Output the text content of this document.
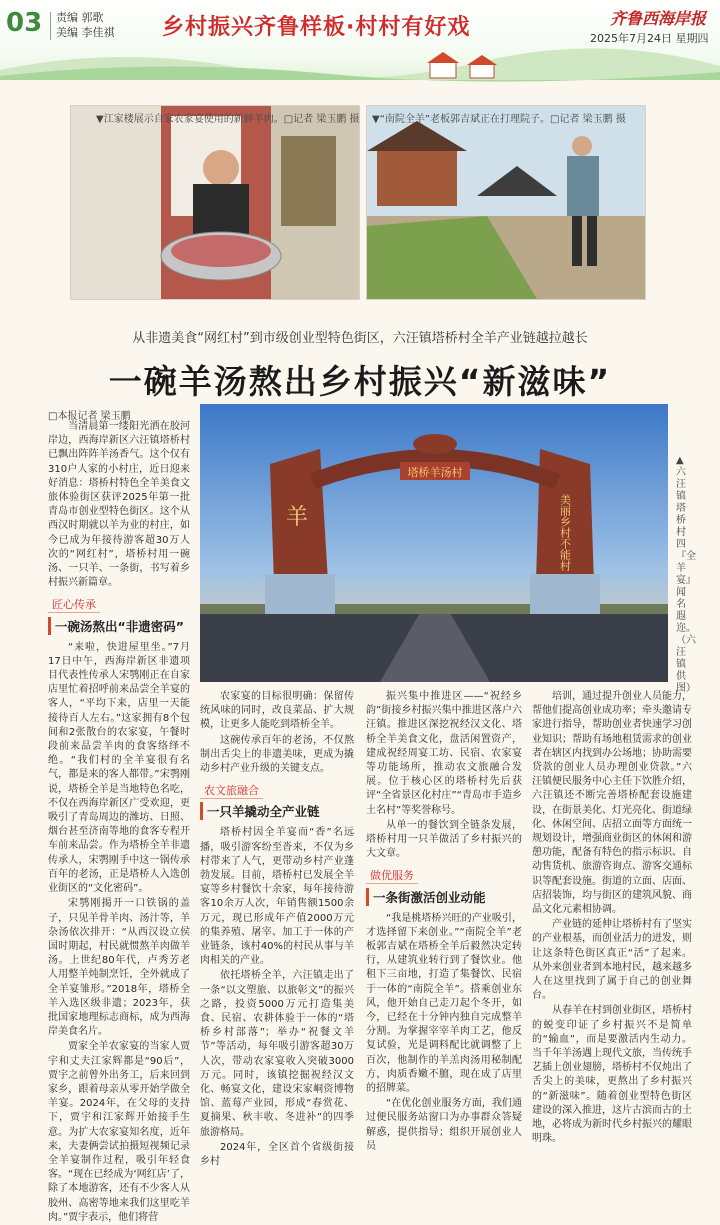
03 责编 郭歌
美编 李佳祺 乡村振兴齐鲁样板·村村有好戏	齐鲁西海岸报
2025年7月24日 星期四
▼江家楼展示自家农家宴使用的新鲜羊肉。□记者 梁玉鹏 摄 ▼“南院全羊”老板郭吉斌正在打理院子。□记者 梁玉鹏 摄
从非遗美食“网红村”到市级创业型特色街区，六汪镇塔桥村全羊产业链越拉越长
一碗羊汤熬出乡村振兴“新滋味”
□本报记者 梁玉鹏
塔桥羊汤村
羊	美丽乡村不能村
▲六汪镇塔桥村四『全羊宴』闻名遐迩。（六汪镇供图）

当清晨第一缕阳光洒在胶河岸边，西海岸新区六汪镇塔桥村已飘出阵阵羊汤香气。这个仅有310户人家的小村庄，近日迎来好消息：塔桥村特色全羊美食文旅体验街区获评2025年第一批青岛市创业型特色街区。这个从西汉时期就以羊为业的村庄，如今已成为年接待游客超30万人次的“网红村”，塔桥村用一碗汤、一只羊、一条街，书写着乡村振兴新篇章。

匠心传承
一碗汤熬出“非遗密码”

“来啦，快进屋里坐。”7月17日中午，西海岸新区非遗项目代表性传承人宋鹗刚正在自家店里忙着招呼前来品尝全羊宴的客人，“平均下来，店里一天能接待百人左右。”这家拥有8个包间和2张散台的农家宴，午餐时段前来品尝羊肉的食客络绎不绝。“我们村的全羊宴很有名气，都是来的客人都带。”宋鹗刚说，塔桥全羊是当地特色名吃，不仅在西海岸新区广受欢迎，更吸引了青岛周边的潍坊、日照、烟台甚至济南等地的食客专程开车前来品尝。作为塔桥全羊非遗传承人，宋鹗刚手中这一锅传承百年的老汤，正是塔桥人入选创业街区的“文化密码”。

宋鹗刚揭开一口铁锅的盖子，只见羊骨羊肉、汤汁等，羊杂汤依次排开：“从西汉设立侯国时期起，村民就惯熬羊肉做羊汤。上世纪80年代，卢秀芳老人用整羊炖制烹饪，全外就成了全羊宴雏形。”2018年，塔桥全羊入选区级非遗；2023年，获批国家地理标志商标，成为西海岸美食名片。

贾家全羊农家宴的当家人贾宇和丈夫江家辉都是“90后”，贾宇之前曾外出务工，后来回到家乡，跟着母亲从零开始学做全羊宴。2024年，在父母的支持下，贾宇和江家辉开始接手生意。为扩大农家宴知名度，近年来，夫妻俩尝试拍摄短视频记录全羊宴制作过程，吸引年轻食客。“现在已经成为‘网红店’了，除了本地游客，还有不少客人从胶州、高密等地来我们这里吃羊肉。”贾宇表示，他们将营

农家宴的目标很明确：保留传统风味的同时，改良菜品、扩大规模，让更多人能吃到塔桥全羊。

这碗传承百年的老汤，不仅熬制出舌尖上的非遗美味，更成为撬动乡村产业升级的关键支点。

农文旅融合
一只羊撬动全产业链

塔桥村因全羊宴而“香”名远播，吸引游客纷至沓来，不仅为乡村带来了人气，更带动乡村产业蓬勃发展。目前，塔桥村已发展全羊宴等乡村餐饮十余家，每年接待游客10余万人次，年销售额1500余万元，现已形成年产值2000万元的集养殖、屠宰、加工于一体的产业链条，该村40%的村民从事与羊肉相关的产业。

依托塔桥全羊，六汪镇走出了一条“以文塑旅、以旅彰文”的振兴之路，投资5000万元打造集美食、民宿、农耕体验于一体的“塔桥乡村部落”；举办“祝餐文羊节”等活动，每年吸引游客超30万人次，带动农家宴收入突破3000万元。同时，该镇挖掘祝经汉文化、畅宴文化，建设宋家峒资博物馆、蓝莓产业园，形成“春赏花、夏摘果、秋丰收、冬进补”的四季旅游格局。

2024年，全区首个省级街接乡村

振兴集中推进区——“祝经乡韵”街接乡村振兴集中推进区落户六汪镇。推进区深挖祝经汉文化、塔桥全羊美食文化，盘活闲置资产，建成祝经周宴工坊、民宿、农家宴等功能场所，推动农文旅融合发展。位于核心区的塔桥村先后获评“全省景区化村庄”“青岛市手造乡土名村”等奖誉称号。

从单一的餐饮到全链条发展，塔桥村用一只羊做活了乡村振兴的大文章。

做优服务
一条街激活创业动能

“我是桃塔桥兴旺的产业吸引，才选择留下来创业。”“南院全羊”老板郭吉斌在塔桥全羊后毅然决定转行，从建筑业转行到了餐饮业。他租下三亩地，打造了集餐饮、民宿于一体的“南院全羊”。搭乘创业东风，他开始自己走刀起个冬开，如今，已经在十分钟内独自完成整羊分割。为掌握宰宰羊肉工艺，他反复试验，光是调料配比就调整了上百次，他制作的羊羔肉汤用秘制配方，肉质香嫩不膻，现在成了店里的招牌菜。

“在优化创业服务方面，我们通过便民服务站窗口为办事群众答疑解惑，提供指导；组织开展创业人员

培训，通过提升创业人员能力，帮他们提高创业成功率；牵头邀请专家进行指导，帮助创业者快速学习创业知识；帮助有场地租赁需求的创业者在辖区内找到办公场地；协助需要贷款的创业人员办理创业贷款。”六汪镇便民服务中心主任下饮胜介绍，六汪镇还不断完善塔桥配套设施建设，在街景美化、灯光亮化、街道绿化、休闲空间、店招立面等方面统一规划设计，增强商业街区的休闲和游憩功能，配备有特色的指示标识、自动售货机、旅游咨询点、游客交通标识等配套设施。街道的立面、店面、店招装饰，均与街区的建筑风貌、商品文化元素相协调。

产业链的延伸让塔桥村有了坚实的产业根基，而创业活力的迸发，则让这条特色街区真正“活”了起来。从外来创业者到本地村民，越来越多人在这里找到了属于自己的创业舞台。

从春羊在村到创业街区，塔桥村的蜕变印证了乡村振兴不是简单的“输血”，而是要激活内生动力。当千年羊汤遇上现代文旅，当传统手艺插上创业翅膀，塔桥村不仅炖出了舌尖上的美味，更熬出了乡村振兴的“新滋味”。随着创业型特色街区建设的深入推进，这片古滨而古的土地，必将成为新时代乡村振兴的耀眼明珠。
